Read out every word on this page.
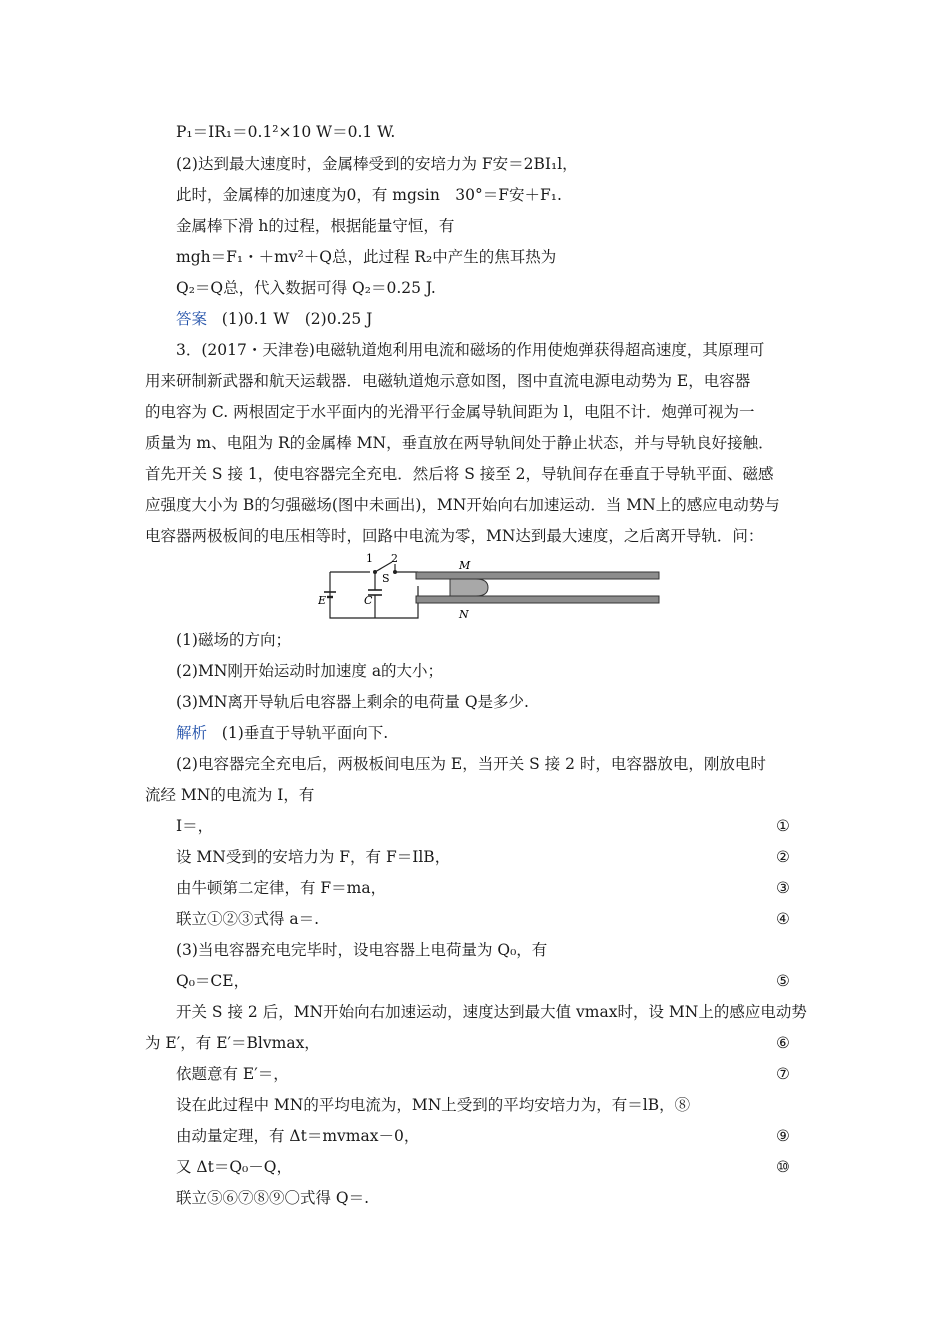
P₁＝IR₁＝0.1²×10 W＝0.1 W.
(2)达到最大速度时，金属棒受到的安培力为 F安＝2BI₁l，
此时，金属棒的加速度为0，有 mgsin　30°＝F安＋F₁.
金属棒下滑 h的过程，根据能量守恒，有
mgh＝F₁・＋mv²＋Q总，此过程 R₂中产生的焦耳热为
Q₂＝Q总，代入数据可得 Q₂＝0.25 J.
答案 (1)0.1 W　(2)0.25 J
3．(2017・天津卷)电磁轨道炮利用电流和磁场的作用使炮弹获得超高速度，其原理可
用来研制新武器和航天运载器．电磁轨道炮示意如图，图中直流电源电动势为 E，电容器
的电容为 C. 两根固定于水平面内的光滑平行金属导轨间距为 l，电阻不计．炮弹可视为一
质量为 m、电阻为 R的金属棒 MN，垂直放在两导轨间处于静止状态，并与导轨良好接触．
首先开关 S 接 1，使电容器完全充电．然后将 S 接至 2，导轨间存在垂直于导轨平面、磁感
应强度大小为 B的匀强磁场(图中未画出)，MN开始向右加速运动．当 MN上的感应电动势与
电容器两极板间的电压相等时，回路中电流为零，MN达到最大速度，之后离开导轨．问：
1 2
S
M
N
E	C
(1)磁场的方向；
(2)MN刚开始运动时加速度 a的大小；
(3)MN离开导轨后电容器上剩余的电荷量 Q是多少.
解析 (1)垂直于导轨平面向下.
(2)电容器完全充电后，两极板间电压为 E，当开关 S 接 2 时，电容器放电，刚放电时
流经 MN的电流为 I，有
I＝，	①
设 MN受到的安培力为 F，有 F＝IlB，	②
由牛顿第二定律，有 F＝ma，	③
联立①②③式得 a＝.	④
(3)当电容器充电完毕时，设电容器上电荷量为 Q₀，有
Q₀＝CE，	⑤
开关 S 接 2 后，MN开始向右加速运动，速度达到最大值 vmax时，设 MN上的感应电动势
为 E′，有 E′＝Blvmax，	⑥
依题意有 E′＝，	⑦
设在此过程中 MN的平均电流为，MN上受到的平均安培力为，有＝lB，⑧
由动量定理，有 Δt＝mvmax－0，	⑨
又 Δt＝Q₀－Q，	⑩
联立⑤⑥⑦⑧⑨〇式得 Q＝.
